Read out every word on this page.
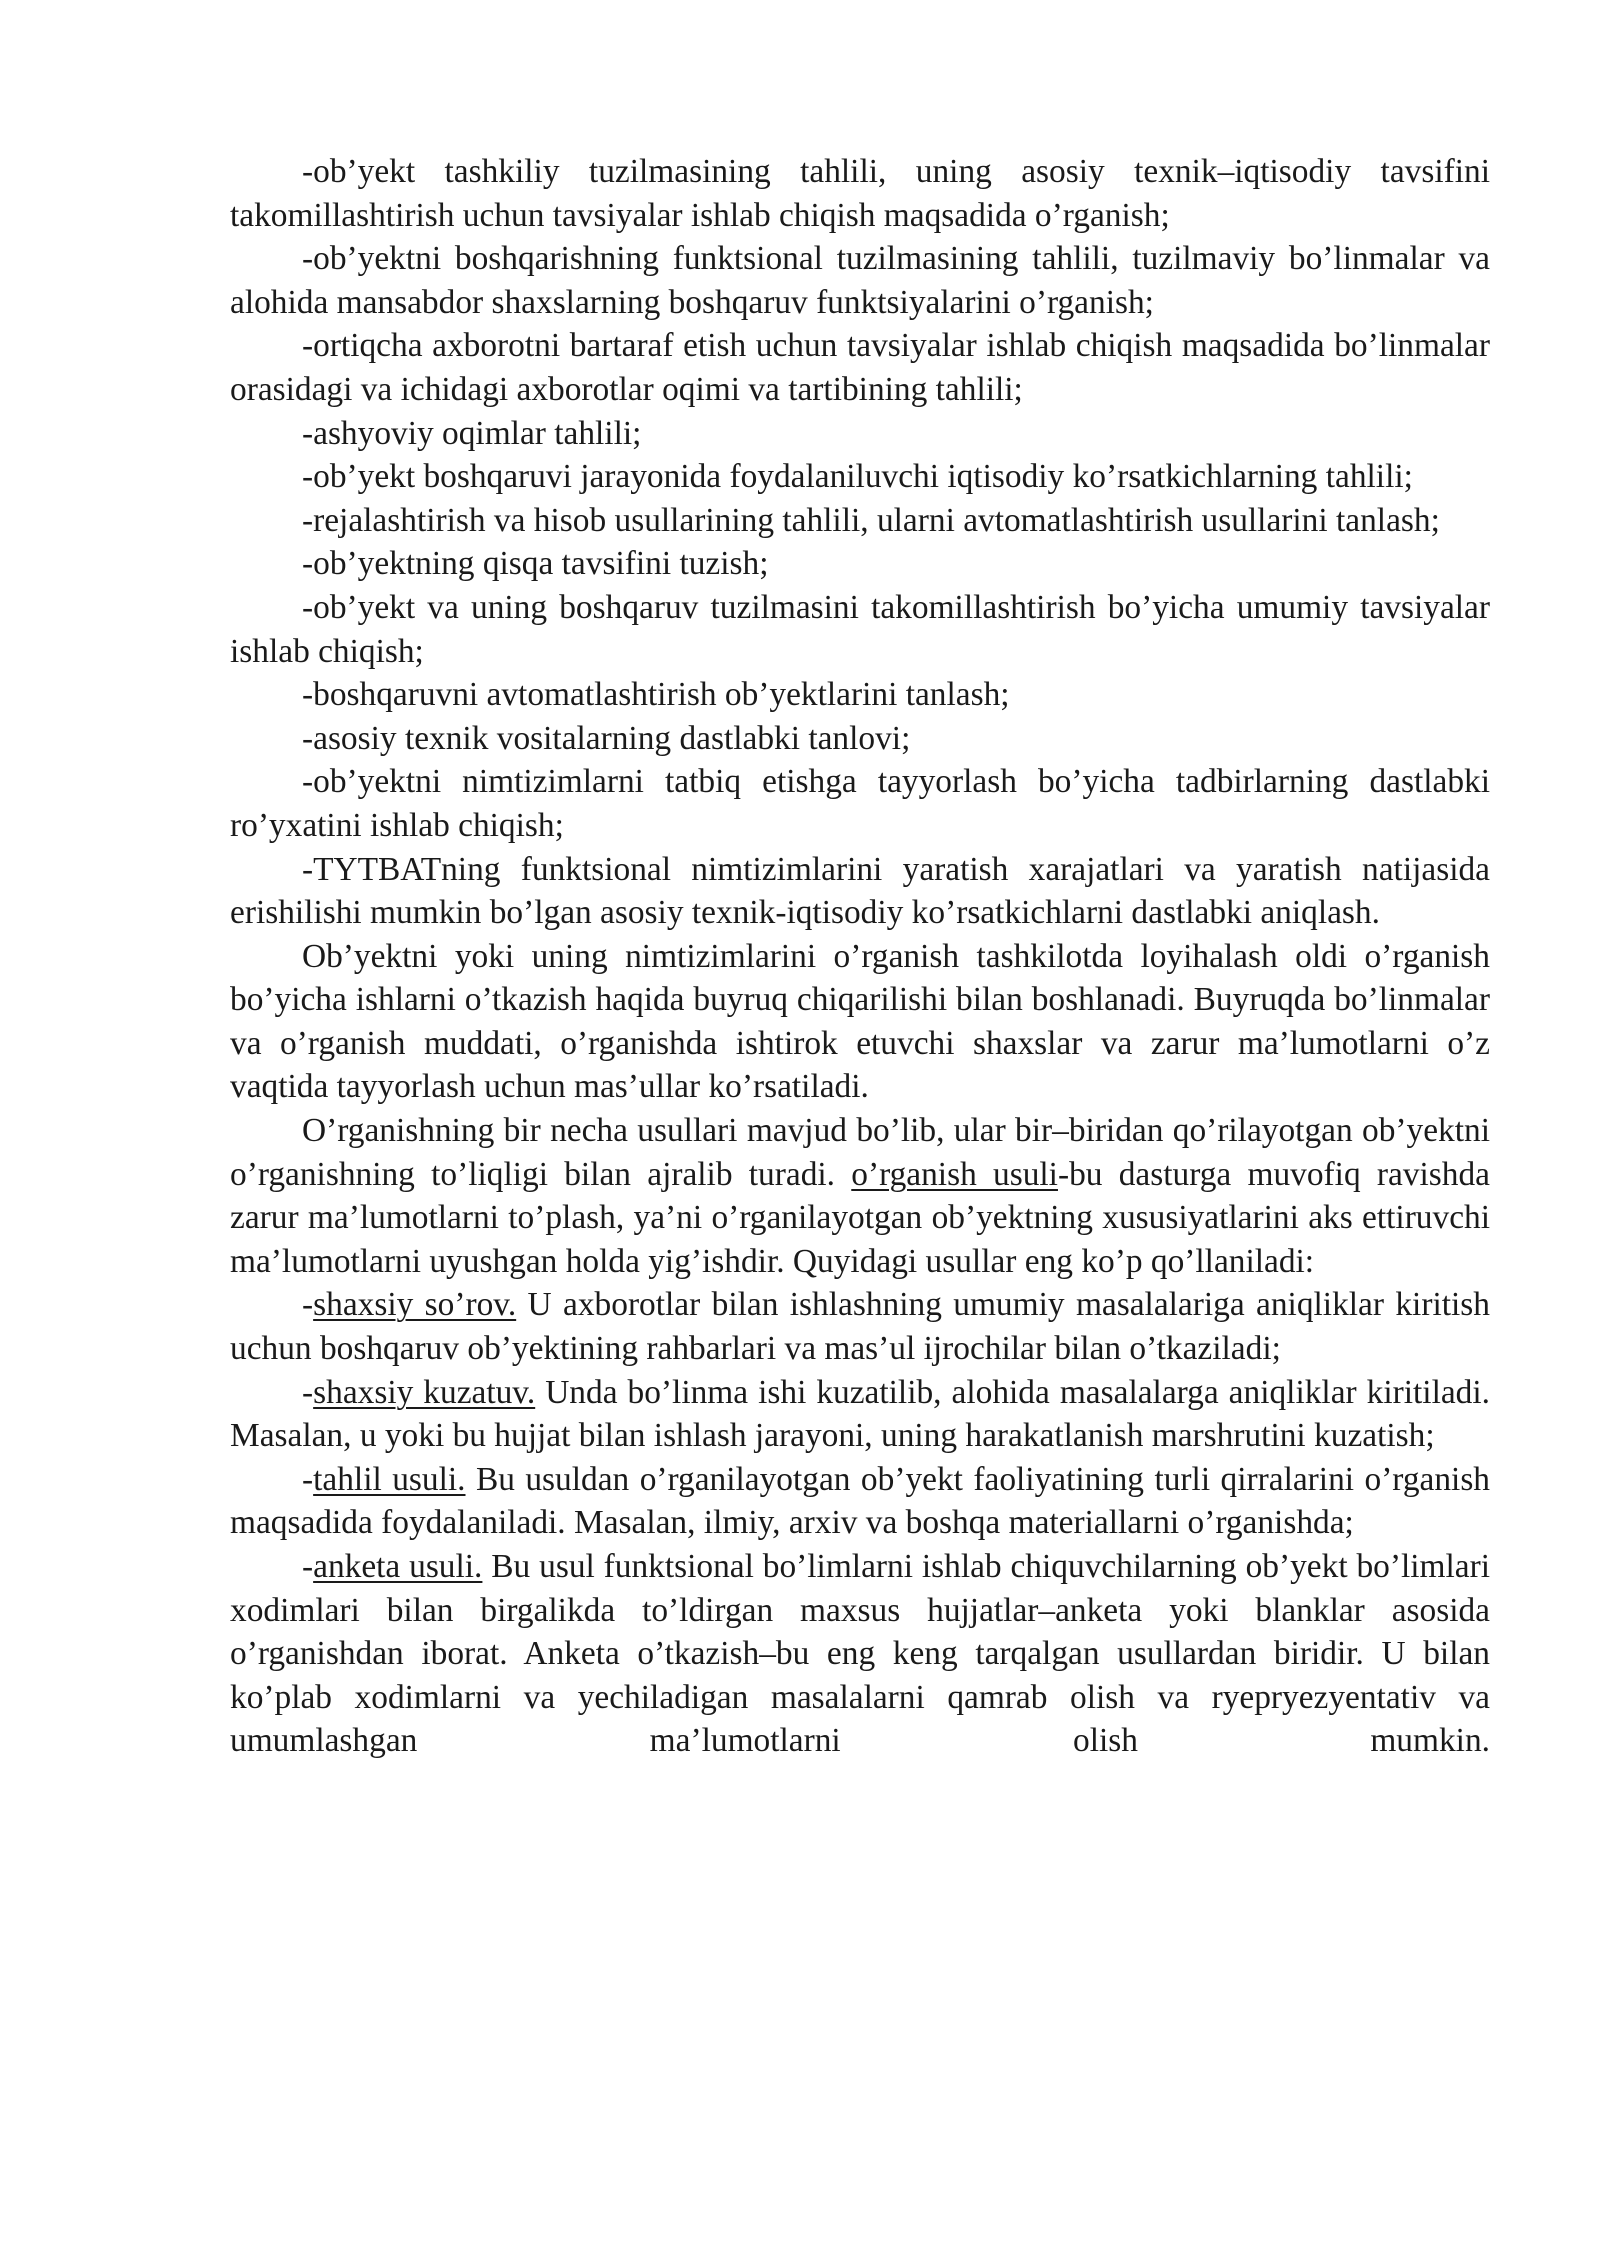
-ob’yekt tashkiliy tuzilmasining tahlili, uning asosiy texnik–iqtisodiy tavsifini takomillashtirish uchun tavsiyalar ishlab chiqish maqsadida o’rganish;

-ob’yektni boshqarishning funktsional tuzilmasining tahlili, tuzilmaviy bo’linmalar va alohida mansabdor shaxslarning boshqaruv funktsiyalarini o’rganish;

-ortiqcha axborotni bartaraf etish uchun tavsiyalar ishlab chiqish maqsadida bo’linmalar orasidagi va ichidagi axborotlar oqimi va tartibining tahlili;

-ashyoviy oqimlar tahlili;

-ob’yekt boshqaruvi jarayonida foydalaniluvchi iqtisodiy ko’rsatkichlarning tahlili;

-rejalashtirish va hisob usullarining tahlili, ularni avtomatlashtirish usullarini tanlash;

-ob’yektning qisqa tavsifini tuzish;

-ob’yekt va uning boshqaruv tuzilmasini takomillashtirish bo’yicha umumiy tavsiyalar ishlab chiqish;

-boshqaruvni avtomatlashtirish ob’yektlarini tanlash;

-asosiy texnik vositalarning dastlabki tanlovi;

-ob’yektni nimtizimlarni tatbiq etishga tayyorlash bo’yicha tadbirlarning dastlabki ro’yxatini ishlab chiqish;

-TYTBATning funktsional nimtizimlarini yaratish xarajatlari va yaratish natijasida erishilishi mumkin bo’lgan asosiy texnik-iqtisodiy ko’rsatkichlarni dastlabki aniqlash.

Ob’yektni yoki uning nimtizimlarini o’rganish tashkilotda loyihalash oldi o’rganish bo’yicha ishlarni o’tkazish haqida buyruq chiqarilishi bilan boshlanadi. Buyruqda bo’linmalar va o’rganish muddati, o’rganishda ishtirok etuvchi shaxslar va zarur ma’lumotlarni o’z vaqtida tayyorlash uchun mas’ullar ko’rsatiladi.

O’rganishning bir necha usullari mavjud bo’lib, ular bir–biridan qo’rilayotgan ob’yektni o’rganishning to’liqligi bilan ajralib turadi. o’rganish usuli-bu dasturga muvofiq ravishda zarur ma’lumotlarni to’plash, ya’ni o’rganilayotgan ob’yektning xususiyatlarini aks ettiruvchi ma’lumotlarni uyushgan holda yig’ishdir. Quyidagi usullar eng ko’p qo’llaniladi:

-shaxsiy so’rov. U axborotlar bilan ishlashning umumiy masalalariga aniqliklar kiritish uchun boshqaruv ob’yektining rahbarlari va mas’ul ijrochilar bilan o’tkaziladi;

-shaxsiy kuzatuv. Unda bo’linma ishi kuzatilib, alohida masalalarga aniqliklar kiritiladi. Masalan, u yoki bu hujjat bilan ishlash jarayoni, uning harakatlanish marshrutini kuzatish;

-tahlil usuli. Bu usuldan o’rganilayotgan ob’yekt faoliyatining turli qirralarini o’rganish maqsadida foydalaniladi. Masalan, ilmiy, arxiv va boshqa materiallarni o’rganishda;

-anketa usuli. Bu usul funktsional bo’limlarni ishlab chiquvchilarning ob’yekt bo’limlari xodimlari bilan birgalikda to’ldirgan maxsus hujjatlar–anketa yoki blanklar asosida o’rganishdan iborat. Anketa o’tkazish–bu eng keng tarqalgan usullardan biridir. U bilan ko’plab xodimlarni va yechiladigan masalalarni qamrab olish va ryepryezyentativ va umumlashgan ma’lumotlarni olish mumkin.
